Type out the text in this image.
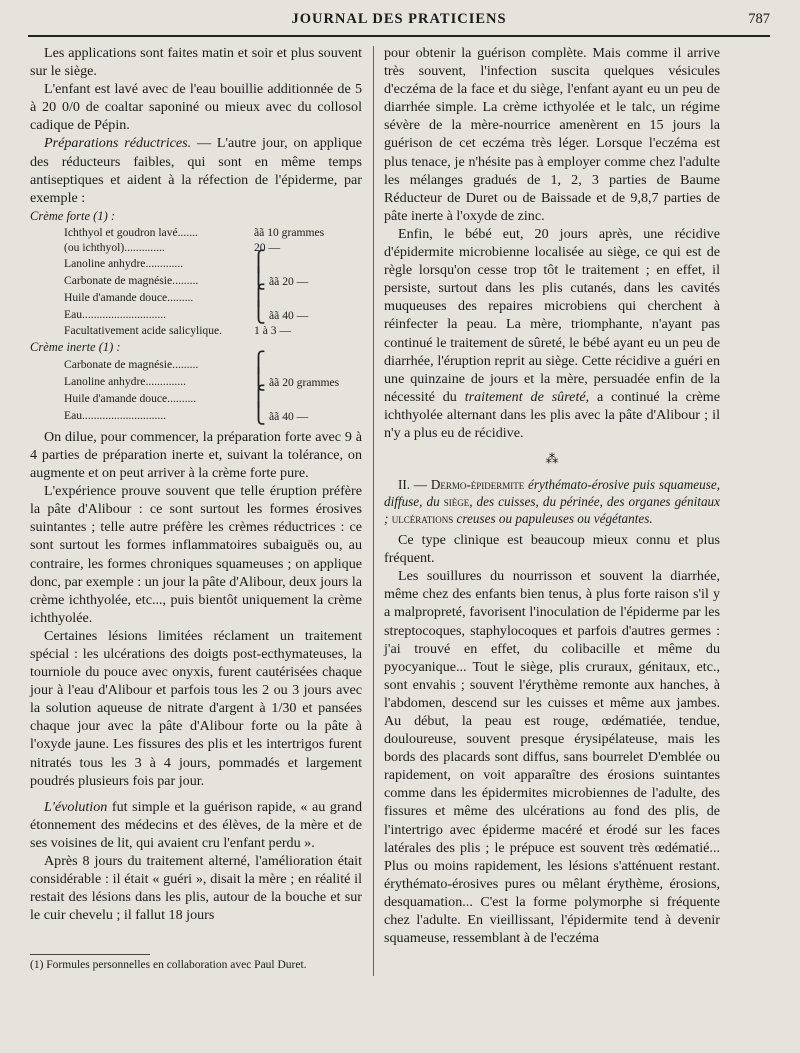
JOURNAL DES PRATICIENS	787

Les applications sont faites matin et soir et plus souvent sur le siège.

L'enfant est lavé avec de l'eau bouillie additionnée de 5 à 20 0/0 de coaltar saponiné ou mieux avec du collosol cadique de Pépin.

Préparations réductrices. — L'autre jour, on applique des réducteurs faibles, qui sont en même temps antiseptiques et aident à la réfection de l'épiderme, par exemple :

Crème forte (1) :

Ichthyol et goudron lavé.......	ãã 10 grammes
(ou ichthyol)..............	20 —
Lanoline anhydre.............	⎧
Carbonate de magnésie.........	⎩ ãã 20 —
Huile d'amande douce.........	⎧
Eau.............................	⎩ ãã 40 —
Facultativement acide salicylique.	1 à 3 —

Crème inerte (1) :

Carbonate de magnésie.........	⎧
Lanoline anhydre..............	⎩ ãã 20 grammes
Huile d'amande douce..........	⎧
Eau.............................	⎩ ãã 40 —

On dilue, pour commencer, la préparation forte avec 9 à 4 parties de préparation inerte et, suivant la tolérance, on augmente et on peut arriver à la crème forte pure.

L'expérience prouve souvent que telle éruption préfère la pâte d'Alibour : ce sont surtout les formes érosives suintantes ; telle autre préfère les crèmes réductrices : ce sont surtout les formes inflammatoires subaiguës ou, au contraire, les formes chroniques squameuses ; on applique donc, par exemple : un jour la pâte d'Alibour, deux jours la crème ichthyolée, etc..., puis bientôt uniquement la crème ichthyolée.

Certaines lésions limitées réclament un traitement spécial : les ulcérations des doigts post-ecthymateuses, la tourniole du pouce avec onyxis, furent cautérisées chaque jour à l'eau d'Alibour et parfois tous les 2 ou 3 jours avec la solution aqueuse de nitrate d'argent à 1/30 et pansées chaque jour avec la pâte d'Alibour forte ou la pâte à l'oxyde jaune. Les fissures des plis et les intertrigos furent nitratés tous les 3 à 4 jours, pommadés et largement poudrés plusieurs fois par jour.

L'évolution fut simple et la guérison rapide, « au grand étonnement des médecins et des élèves, de la mère et de ses voisines de lit, qui avaient cru l'enfant perdu ».

Après 8 jours du traitement alterné, l'amélioration était considérable : il était « guéri », disait la mère ; en réalité il restait des lésions dans les plis, autour de la bouche et sur le cuir chevelu ; il fallut 18 jours

(1) Formules personnelles en collaboration avec Paul Duret.

pour obtenir la guérison complète. Mais comme il arrive très souvent, l'infection suscita quelques vésicules d'eczéma de la face et du siège, l'enfant ayant eu un peu de diarrhée simple. La crème icthyolée et le talc, un régime sévère de la mère-nourrice amenèrent en 15 jours la guérison de cet eczéma très léger. Lorsque l'eczéma est plus tenace, je n'hésite pas à employer comme chez l'adulte les mélanges gradués de 1, 2, 3 parties de Baume Réducteur de Duret ou de Baissade et de 9,8,7 parties de pâte inerte à l'oxyde de zinc.

Enfin, le bébé eut, 20 jours après, une récidive d'épidermite microbienne localisée au siège, ce qui est de règle lorsqu'on cesse trop tôt le traitement ; en effet, il persiste, surtout dans les plis cutanés, dans les cavités muqueuses des repaires microbiens qui cherchent à réinfecter la peau. La mère, triomphante, n'ayant pas continué le traitement de sûreté, le bébé ayant eu un peu de diarrhée, l'éruption reprit au siège. Cette récidive a guéri en une quinzaine de jours et la mère, persuadée enfin de la nécessité du traitement de sûreté, a continué la crème ichthyolée alternant dans les plis avec la pâte d'Alibour ; il n'y a plus eu de récidive.

⁂

II. — Dermo-épidermite érythémato-érosive puis squameuse, diffuse, du siège, des cuisses, du périnée, des organes génitaux ; ulcérations creuses ou papuleuses ou végétantes.

Ce type clinique est beaucoup mieux connu et plus fréquent.

Les souillures du nourrisson et souvent la diarrhée, même chez des enfants bien tenus, à plus forte raison s'il y a malpropreté, favorisent l'inoculation de l'épiderme par les streptocoques, staphylocoques et parfois d'autres germes : j'ai trouvé en effet, du colibacille et même du pyocyanique... Tout le siège, plis cruraux, génitaux, etc., sont envahis ; souvent l'érythème remonte aux hanches, à l'abdomen, descend sur les cuisses et même aux jambes. Au début, la peau est rouge, œdématiée, tendue, douloureuse, souvent presque érysipélateuse, mais les bords des placards sont diffus, sans bourrelet D'emblée ou rapidement, on voit apparaître des érosions suintantes comme dans les épidermites microbiennes de l'adulte, des fissures et même des ulcérations au fond des plis, de l'intertrigo avec épiderme macéré et érodé sur les faces latérales des plis ; le prépuce est souvent très œdématié... Plus ou moins rapidement, les lésions s'atténuent restant. érythémato-érosives pures ou mêlant érythème, érosions, desquamation... C'est la forme polymorphe si fréquente chez l'adulte. En vieillissant, l'épidermite tend à devenir squameuse, ressemblant à de l'eczéma
